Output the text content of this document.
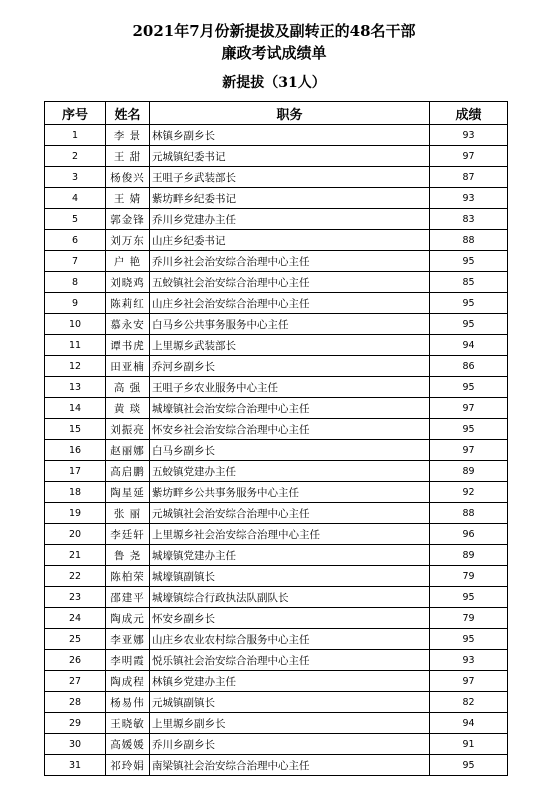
2021年7月份新提拔及副转正的48名干部
廉政考试成绩单
新提拔（31人）
序号	姓名	职务	成绩
1	李 景	林镇乡副乡长	93
2	王 甜	元城镇纪委书记	97
3	杨俊兴	王咀子乡武装部长	87
4	王 婧	紫坊畔乡纪委书记	93
5	郭金锋	乔川乡党建办主任	83
6	刘万东	山庄乡纪委书记	88
7	户 艳	乔川乡社会治安综合治理中心主任	95
8	刘晓鸡	五蛟镇社会治安综合治理中心主任	85
9	陈莉红	山庄乡社会治安综合治理中心主任	95
10	慕永安	白马乡公共事务服务中心主任	95
11	谭书虎	上里塬乡武装部长	94
12	田亚楠	乔河乡副乡长	86
13	高 强	王咀子乡农业服务中心主任	95
14	黄 琰	城壕镇社会治安综合治理中心主任	97
15	刘振亮	怀安乡社会治安综合治理中心主任	95
16	赵丽娜	白马乡副乡长	97
17	高启鹏	五蛟镇党建办主任	89
18	陶星延	紫坊畔乡公共事务服务中心主任	92
19	张 丽	元城镇社会治安综合治理中心主任	88
20	李廷轩	上里塬乡社会治安综合治理中心主任	96
21	鲁 尧	城壕镇党建办主任	89
22	陈柏荣	城壕镇副镇长	79
23	邵建平	城壕镇综合行政执法队副队长	95
24	陶成元	怀安乡副乡长	79
25	李亚娜	山庄乡农业农村综合服务中心主任	95
26	李明霞	悦乐镇社会治安综合治理中心主任	93
27	陶成程	林镇乡党建办主任	97
28	杨易伟	元城镇副镇长	82
29	王晓敏	上里塬乡副乡长	94
30	高媛媛	乔川乡副乡长	91
31	祁玲娟	南梁镇社会治安综合治理中心主任	95
